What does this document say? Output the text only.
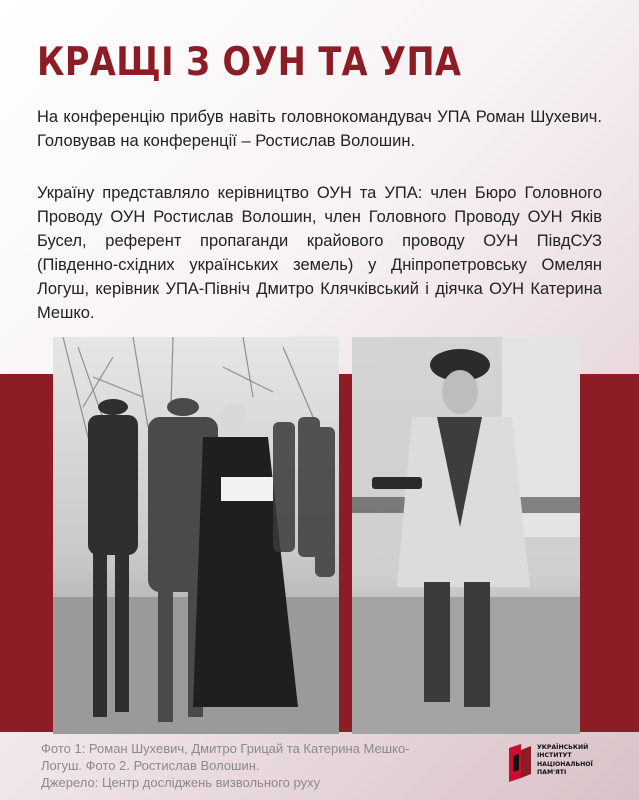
КРАЩІ З ОУН ТА УПА

На конференцію прибув навіть головнокомандувач УПА Роман Шухевич. Головував на конференції – Ростислав Волошин.

Україну представляло керівництво ОУН та УПА: член Бюро Головного Проводу ОУН Ростислав Волошин, член Головного Проводу ОУН Яків Бусел, референт пропаганди крайового проводу ОУН ПівдСУЗ (Південно-східних українських земель) у Дніпропетровську Омелян Логуш, керівник УПА-Північ Дмитро Клячківський і діячка ОУН Катерина Мешко.

Фото 1: Роман Шухевич, Дмитро Грицай та Катерина Мешко-
Логуш. Фото 2. Ростислав Волошин.
Джерело: Центр досліджень визвольного руху

УКРАЇНСЬКИЙ
ІНСТИТУТ
НАЦІОНАЛЬНОЇ
ПАМ'ЯТІ
